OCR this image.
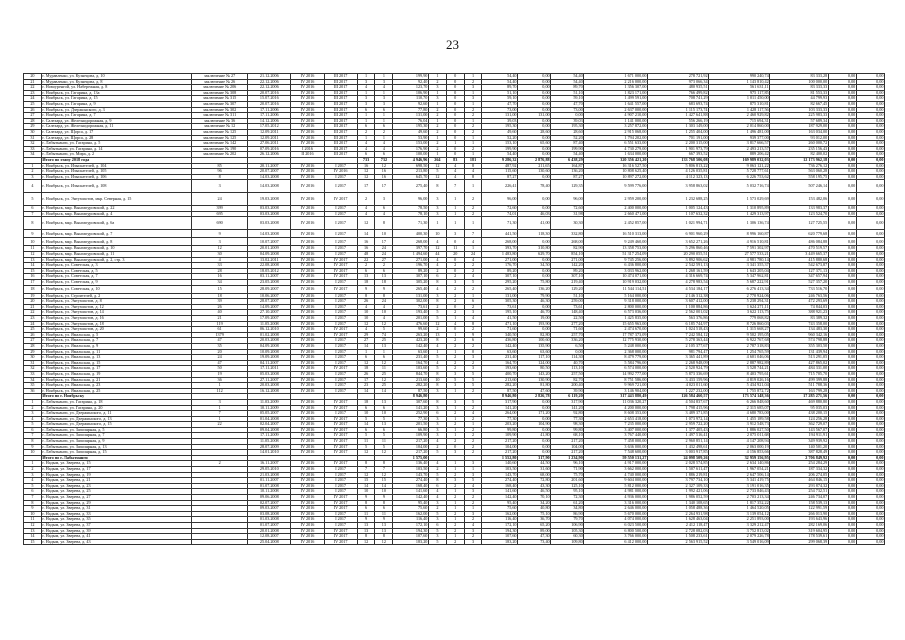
23
20	г. Муравленко, ул. Кузнецова, д. 10	заключение № 27	21.12.2006	IV 2016	III 2017	1	1	199,90	1	0	1	54,40	0,00	54,40	1 671 000,00	278 721,92	990 240,74	83 333,28	0,00	0,00
21	г. Муравленко, ул. Кузнецова, д. 8	заключение № 26	22.12.2006	IV 2016	III 2017	3	3	92,40	2	0	2	54,40	0,00	54,40	2 216 000,00	973 066,34	1 143 810,42	100 000,00	0,00	0,00
22	г. Новоуренгой, ул. Набережная, д. 8	заключение № 206	22.12.2006	IV 2016	III 2017	4	4	123,70	3	0	3	89,70	0,00	89,70	1 356 307,00	480 935,51	561 631,11	83 333,33	0,00	0,00
23	г. Ноябрьск, ул. Гагарина, д. 13а	заключение № 308	20.07.2016	IV 2016	III 2017	1	1	106,90	1	0	1	51,10	0,00	51,10	1 823 171,00	766 499,82	975 117,85	81 553,33	0,00	0,00
24	г. Ноябрьск, ул. Гагарина, д. 15	заключение № 315	15.07.2016	IV 2016	III 2017	3	3	110,70	3	0	3	59,10	0,00	59,10	1 499 591,00	708 741,29	1 011 450,00	44 799,93	0,00	0,00
25	г. Ноябрьск, ул. Гагарина, д. 9	заключение № 307	20.07.2016	IV 2016	III 2017	3	3	92,60	1	0	1	47,70	0,00	47,70	1 641 557,00	683 693,74	875 310,81	82 667,45	0,00	0,00
26	г. Ноябрьск, ул. Дзержинского, д. 3	заключение № 302	17.11.2006	IV 2016	III 2017	6	6	77,80	2	0	2	73,00	0,00	73,00	2 637 000,00	1 115 173,74	1 428 117,56	103 333,33	0,00	0,00
27	г. Ноябрьск, ул. Гагарина, д. 7	заключение № 311	17.11.2006	IV 2016	III 2017	1	1	131,00	2	0	2	131,00	131,00	0,00	4 907 210,00	1 427 641,88	2 460 929,82	225 983,33	0,00	0,00
28	г. Салехард, ул. Железнодорожная, д. 9	заключение № 36	14.12.2006	IV 2016	III 2017	1	1	76,04	1	0	1	39,03	0,00	39,03	1 141 000,00	556 266,19	715 694,31	57 689,34	0,00	0,00
29	г. Салехард, ул. Железнодорожная, д. 11	заключение № 12	17.05.2012	IV 2016	III 2017	6	6	195,30	2	0	2	195,30	0,00	195,30	3 257 872,00	1 303 149,00	2 014 860,00	187 929,00	0,00	0,00
30	г. Салехард, ул. Щорса, д. 17	заключение № 125	12.09.2011	IV 2016	III 2017	2	2	49,60	2	0	2	49,60	28,60	28,60	2 915 068,00	1 255 404,00	1 496 481,00	163 034,00	0,00	0,00
31	г. Салехард, ул. Щорса, д. 28	заключение № 125	12.09.2011	IV 2016	III 2017	1	1	53,90	1	0	1	52,20	0,00	52,20	1 794 202,00	701 191,00	939 377,00	93 012,00	0,00	0,00
32	г. Лабытнанги, ул. Гагарина, д. 5	заключение № 142	27.06.2011	IV 2016	III 2017	4	4	153,00	2	1	1	153,10	65,60	87,40	6 551 633,00	2 200 315,00	3 817 666,57	260 000,72	0,00	0,00
33	г. Лабытнанги, ул. Гагарина, д. 14	заключение № 190	07.09.2016	I 2016	III 2017	4	4	176,90	2	0	2	199,90	0,00	199,90	4 730 279,00	1 901 973,79	2 493 213,57	235 156,43	0,00	0,00
34	г. Лабытнанги, ул. Мира, д. 2	заключение № 202	26.12.2006	II 2016	III 2017	6	6	100,00	1	0	1	54,40	0,00	54,40	1 634 000,00	667 393,52	889 206,42	82 400,02	0,00	0,00
	Итого по этапу 2018 года					733	732	4 946,96	264	83	181	9 286,32	2 876,88	6 438,29	320 356 421,20	133 768 506,08	169 989 032,03	12 173 962,18	0,00	0,00
1	г. Ноябрьск, ул. Изыскателей, д. 104	85	20.11.2007	IV 2016	I 2017	16	12	698,50	12	4	8	487,92	211,65	164,87	16 316 527,50	5 806 813,22	9 063 121,22	736 276,12	0,00	0,00
2	г. Ноябрьск, ул. Изыскателей, д. 105	96	20.07.2007	IV 2016	IV 2016	12	16	213,80	5	4	4	115,60	130,60	136,20	10 808 625,40	4 126 035,81	5 728 777,61	563 060,28	0,00	0,00
3	г. Ноябрьск, ул. Изыскателей, д. 106	8	14.03.2008	IV 2016	I 2017	12	16	645,70	12	4	8	87,27	0,00	87,27	10 897 272,00	4 112 323,13	6 226 753,62	558 195,75	0,00	0,00
4	г. Ноябрьск, ул. Изыскателей, д. 108	3	14.03.2008	IV 2016	I 2017	17	17	275,40	8	7	1	226,41	78,40	129,35	9 599 776,00	3 958 863,02	5 032 716,74	507 246,14	0,00	0,00
5	г. Ноябрьск, ул. Энтузиастов, мкр. Северная, д. 15	24	19.03.2008	IV 2016	IV 2017	2	3	96,00	3	1	2	96,00	0,00	96,00	2 959 200,00	1 232 688,25	1 573 029,69	153 482,06	0,00	0,00
6	г. Ноябрьск, мкр. Вынгапуровский, д. 22	399	03.03.2008	IV 2016	I 2017	4	6	78,50	3	1	2	72,60	0,00	72,60	2 400 000,00	1 005 124,43	1 310 895,89	133 983,37	0,00	0,00
7	г. Ноябрьск, мкр. Вынгапуровский, д. 4	695	03.03.2008	IV 2016	I 2017	4	4	78,10	3	1	2	74,01	46,03	31,98	2 660 471,00	1 107 632,32	1 429 313,97	123 524,70	0,00	0,00
8	г. Ноябрьск, мкр. Вынгапуровский, д. 6а	690	03.03.2008	IV 2016	I 2017	12	8	71,30	1	1	1	71,30	41,00	30,30	2 452 857,00	1 021 994,71	1 306 136,74	127 725,55	0,00	0,00
9	г. Ноябрьск, мкр. Вынгапуровский, д. 7	9	14.03.2008	IV 2016	I 2017	14	10	400,30	10	3	7	441,50	118,30	332,80	16 510 313,00	6 901 960,29	8 996 160,87	620 779,68	0,00	0,00
10	г. Ноябрьск, мкр. Вынгапуровский, д. 8	3	10.07.2007	IV 2016	I 2017	16	17	268,00	4	0	4	268,00	0,00	268,00	9 249 460,00	3 652 271,26	4 916 510,81	486 084,88	0,00	0,00
11	г. Ноябрьск, мкр. Вынгапуровский, д. 10	12	20.01.2009	IV 2016	I 2017	16	24	397,70	12	11	1	393,70	310,80	82,90	13 358 753,00	5 296 860,46	7 591 302,97	470 519,57	0,00	0,00
12	г. Ноябрьск, мкр. Вынгапуровский, д. 11	30	04.09.2008	IV 2016	I 2017	48	24	1 494,60	44	20	24	1 483,80	629,70	854,10	51 317 254,09	20 290 055,51	27 577 533,21	3 449 665,37	0,00	0,00
13	г. Ноябрьск, мкр. Вынгапуровский, д. 2, стр. 3	4	13.02.2011	IV 2016	IV 2017	22	27	271,00	4	0	4	271,00	0,00	271,00	9 745 256,00	3 892 906,62	4 981 780,14	415 880,68	0,00	0,00
14	г. Ноябрьск, ул. Советская, д. 3	33	22.08.2008	IV 2016	IV 2017	2	2	196,70	4	2	2	176,70	34,50	142,20	6 436 800,00	2 542 591,13	3 341 355,37	542 673,87	0,00	0,00
15	г. Ноябрьск, ул. Советская, д. 5	28	18.05.2012	IV 2016	IV 2017	6	6	89,20	2	0	2	89,20	0,00	89,20	3 033 962,00	1 268 161,59	1 643 205,04	127 371,13	0,00	0,00
16	г. Ноябрьск, ул. Советская, д. 7	16	03.11.2007	IV 2016	IV 2017	13	13	307,10	6	2	4	307,10	0,00	307,10	10 474 071,00	4 316 669,74	5 347 962,81	347 657,94	0,00	0,00
17	г. Ноябрьск, ул. Советская, д. 9	34	23.05.2008	IV 2016	I 2017	18	18	305,20	8	3	5	295,20	75,80	219,40	10 919 032,00	4 278 983,54	5 687 222,91	527 357,20	0,00	0,00
18	г. Ноябрьск, ул. Советская, д. 10	15	28.09.2007	IV 2016	IV 2017	9	9	265,40	4	2	2	265,40	136,20	129,20	11 544 114,51	4 534 184,17	6 276 413,34	733 516,70	0,00	0,00
19	г. Ноябрьск, ул. Строителей, д. 2	18	10.06.2007	IV 2016	I 2017	8	8	131,00	3	2	1	131,00	79,90	51,10	5 164 000,00	2 146 312,38	2 770 924,06	246 763,56	0,00	0,00
20	г. Ноябрьск, ул. Энтузиастов, д. 8	39	28.07.2007	IV 2016	I 2017	26	24	302,00	8	2	6	305,30	46,30	259,00	9 318 000,00	3 607 412,00	5 238 294,31	472 293,69	0,00	0,00
21	г. Ноябрьск, ул. Энтузиастов, д. 12	26	14.09.2007	IV 2016	I 2017	4	4	73,61	2	0	2	73,61	0,00	73,61	2 800 000,00	1 100 884,86	1 624 271,11	74 844,03	0,00	0,00
22	г. Ноябрьск, ул. Энтузиастов, д. 14	40	27.10.2007	IV 2016	I 2017	10	10	193,40	5	2	3	195,10	46,70	148,40	6 573 036,00	2 562 001,02	3 622 113,75	388 921,23	0,00	0,00
23	г. Ноябрьск, ул. Энтузиастов, д. 16	21	17.09.2007	IV 2016	I 2017	10	4	201,00	5	1	4	41,50	19,00	22,50	1 425 835,00	563 376,86	779 068,82	83 389,32	0,00	0,00
24	г. Ноябрьск, ул. Энтузиастов, д. 18	119	11.05.2008	IV 2016	I 2017	12	12	476,60	12	4	8	471,10	193,90	277,20	15 655 963,00	6 185 744,97	8 726 860,03	743 358,00	0,00	0,00
25	г. Ноябрьск, ул. Энтузиастов, д. 20	61	06.12.2010	IV 2016	IV 2017	4	5	99,60	2	0	2	71,60	0,00	71,60	2 474 670,00	1 024 518,43	1 315 668,27	134 483,30	0,00	0,00
26	г. Ноябрьск, ул. Ямальская, д. 5	1379	01.02.2008	IV 2016	IV 2017	29	74	263,20	13	1	9	340,50	82,80	257,70	17 787 373,09	7 242 584,12	9 502 195,05	960 342,16	0,00	0,00
27	г. Ноябрьск, ул. Ямальская, д. 7	47	20.03.2008	IV 2016	I 2017	27	25	423,20	8	2	6	436,80	100,60	336,20	12 775 930,00	5 278 363,44	6 922 767,68	574 798,88	0,00	0,00
28	г. Ноябрьск, ул. Ямальская, д. 9	35	04.09.2008	IV 2016	I 2017	14	13	142,40	4	2	2	142,40	135,90	6,50	5 248 000,00	2 105 377,67	2 787 318,83	355 303,50	0,00	0,00
29	г. Ноябрьск, ул. Ямальская, д. 11	20	10.09.2008	IV 2016	I 2017	1	1	63,60	1	1	0	63,60	63,60	0,00	2 368 000,00	981 794,47	1 254 765,59	131 439,94	0,00	0,00
30	г. Ноябрьск, ул. Ямальская, д. 13	24	19.09.2008	IV 2016	I 2017	6	6	231,40	5	2	3	231,40	117,10	114,30	8 479 779,00	3 365 441,89	4 601 046,06	513 291,05	0,00	0,00
31	г. Ноябрьск, ул. Ямальская, д. 15	47	04.11.2007	IV 2016	I 2017	12	12	164,70	4	2	2	164,70	124,00	40,70	5 584 796,00	2 268 948,09	2 887 982,89	427 865,02	0,00	0,00
32	г. Ноябрьск, ул. Ямальская, д. 17	50	17.11.2011	IV 2016	IV 2017	18	11	103,60	5	2	3	193,60	80,50	113,10	6 574 000,00	2 520 924,79	3 528 744,21	484 331,00	0,00	0,00
33	г. Ноябрьск, ул. Ямальская, д. 19	19	05.03.2008	IV 2016	I 2017	26	25	844,70	8	3	5	400,70	143,20	257,50	14 992 777,00	5 873 336,69	8 403 795,61	715 705,70	0,00	0,00
34	г. Ноябрьск, ул. Ямальская, д. 21	36	27.11.2007	IV 2016	I 2017	17	12	213,60	10	5	5	213,60	130,90	82,70	8 751 586,00	3 433 159,96	4 819 026,16	499 399,88	0,00	0,00
35	г. Ноябрьск, ул. Ямальская, д. 23	1	20.03.2008	IV 2016	I 2017	23	25	282,20	8	3	5	282,20	81,80	200,40	9 969 721,00	4 023 011,60	5 434 921,04	511 788,36	0,00	0,00
36	г. Ноябрьск, ул. Ямальская, д. 25	112	16.12.2008	IV 2016	I 2017	14	14	87,50	3	1	2	87,50	47,60	39,90	3 146 904,00	1 227 232,00	1 755 872,72	163 799,28	0,00	0,00
	Итого по г. Ноябрьску							8 946,80				8 946,80	2 826,78	6 119,20	317 443 880,49	126 584 460,57	173 574 148,36	17 285 271,56	0,00	0,00
1	г. Лабытнанги, ул. Гагарина, д. 18	3	11.03.2009	IV 2016	IV 2017	18	13	307,60	8	3	5	317,90	0,00	317,90	11 036 320,27	4 504 837,67	6 266 848,60	469 880,80	0,00	0,00
2	г. Лабытнанги, ул. Гагарина, д. 20	1	10.11.2009	IV 2016	IV 2017	6	6	141,20	3	1	2	141,20	0,00	141,20	4 200 000,00	1 798 415,96	2 315 685,07	95 035,03	0,00	0,00
3	г. Лабытнанги, ул. Дзержинского, д. 11	7	05.05.2007	IV 2016	I 2017	10	10	252,90	6	2	4	264,00	171,20	92,80	8 608 353,00	3 489 371,85	4 680 783,00	438 200,15	0,00	0,00
4	г. Лабытнанги, ул. Дзержинского, д. 13	1	01.04.2008	IV 2016	IV 2017	5	5	77,30	3	1	2	77,30	0,00	77,30	2 653 418,00	1 073 972,14	1 455 189,58	124 256,28	0,00	0,00
5	г. Лабытнанги, ул. Дзержинского, д. 15	22	02.04.2007	IV 2016	IV 2017	14	13	201,50	3	2	1	203,20	104,90	98,30	7 235 000,00	2 959 722,20	3 912 548,73	362 729,07	0,00	0,00
6	г. Лабытнанги, ул. Заполярная, д. 5		09.04.2008	IV 2016	IV 2017	6	6	66,80	3	1	2	99,80	0,00	99,80	3 407 000,00	1 377 405,43	1 886 027,50	143 567,07	0,00	0,00
7	г. Лабытнанги, ул. Заполярная, д. 7		17.11.2009	IV 2016	IV 2017	5	5	109,90	3	1	2	109,90	41,80	68,10	3 767 440,00	1 497 516,41	2 075 011,68	194 911,91	0,00	0,00
8	г. Лабытнанги, ул. Заполярная, д. 9		11.05.2008	IV 2016	IV 2017	11	11	217,20	4	2	2	217,20	0,00	217,20	7 458 000,00	2 960 851,14	4 147 208,94	349 939,92	0,00	0,00
9	г. Лабытнанги, ул. Заполярная, д. 13		28.07.2009	IV 2016	IV 2017	5	5	104,00	2	0	2	104,00	0,00	104,00	3 636 000,00	1 432 498,61	2 063 000,19	140 501,20	0,00	0,00
10	г. Лабытнанги, ул. Заполярная, д. 15		14.01.2010	IV 2016	IV 2017	12	12	217,20	5	3	2	217,20	0,00	217,20	7 548 600,00	3 003 917,85	4 156 853,66	387 828,49	0,00	0,00
	Итого по г. Лабытнанги							1 575,00				1 552,80	317,90	1 234,90	59 550 131,27	24 098 509,26	32 959 156,95	2 706 849,92	0,00	0,00
1	г. Надым, ул. Зверева, д. 15	2	16.11.2007	IV 2016	IV 2017	8	8	136,40	4	1	3	140,60	44,50	96,10	4 917 000,00	2 028 574,85	2 634 140,86	254 284,29	0,00	0,00
2	г. Надым, ул. Зверева, д. 17		29.05.2010	IV 2016	I 2017	7	7	103,50	2	1	1	103,50	31,60	71,90	3 662 000,00	1 507 611,47	1 967 054,21	187 334,32	0,00	0,00
3	г. Надым, ул. Зверева, д. 19		21.03.2008	IV 2016	I 2017	12	12	143,70	5	2	3	143,70	68,00	75,70	4 740 000,00	1 886 219,81	2 647 506,14	206 274,05	0,00	0,00
4	г. Надым, ул. Зверева, д. 21		01.11.2007	IV 2016	I 2017	15	15	274,40	8	3	5	274,40	72,80	201,60	9 604 000,00	3 797 734,10	5 341 419,75	464 846,15	0,00	0,00
5	г. Надым, ул. Зверева, д. 23		01.07.2008	IV 2016	I 2017	14	14	168,40	6	2	4	168,40	43,30	125,10	5 812 000,00	2 327 109,33	3 191 016,35	293 874,32	0,00	0,00
6	г. Надым, ул. Зверева, д. 25		10.11.2008	IV 2016	I 2017	10	10	141,60	4	1	3	141,60	46,50	95,10	4 981 000,00	1 992 421,06	2 733 846,43	254 732,51	0,00	0,00
7	г. Надым, ул. Зверева, д. 27		09.06.2008	IV 2016	IV 2017	9	9	142,40	4	2	2	142,40	70,10	72,30	4 936 000,00	1 986 052,59	2 703 213,34	246 734,07	0,00	0,00
8	г. Надым, ул. Зверева, д. 29		02.07.2007	IV 2016	IV 2017	8	8	95,40	3	1	2	95,40	34,20	61,20	3 316 000,00	1 340 108,65	1 817 352,22	158 539,13	0,00	0,00
9	г. Надым, ул. Зверева, д. 31		09.03.2007	IV 2016	IV 2017	6	6	75,60	2	1	1	75,60	40,80	34,80	2 646 000,00	1 058 488,36	1 464 520,05	122 991,59	0,00	0,00
10	г. Надым, ул. Зверева, д. 33		03.08.2008	IV 2016	I 2017	11	11	162,00	5	2	3	162,00	75,10	86,90	5 670 000,00	2 264 931,98	3 139 054,12	266 013,90	0,00	0,00
11	г. Надым, ул. Зверева, д. 35		01.03.2008	IV 2016	I 2017	9	9	116,40	3	1	2	116,40	36,70	79,70	4 074 000,00	1 628 463,04	2 251 893,00	193 643,96	0,00	0,00
12	г. Надым, ул. Зверева, д. 37		01.07.2007	IV 2016	I 2017	13	13	172,10	6	2	4	172,10	65,20	106,90	6 023 500,00	2 412 118,47	3 329 212,47	282 169,06	0,00	0,00
13	г. Надым, ул. Зверева, д. 39		20.01.2008	IV 2016	IV 2017	13	13	194,30	5	2	3	194,30	89,00	105,30	6 800 500,00	2 728 082,03	3 752 813,02	319 604,95	0,00	0,00
14	г. Надым, ул. Зверева, д. 41		12.08.2007	IV 2016	IV 2017	8	8	107,60	3	1	2	107,60	47,30	60,30	3 766 000,00	1 508 233,61	2 079 226,78	178 539,61	0,00	0,00
15	г. Надым, ул. Зверева, д. 43		25.04.2008	IV 2016	IV 2017	12	12	183,20	5	2	3	183,20	73,40	109,80	6 412 000,00	2 563 915,52	3 549 016,09	299 068,39	0,00	0,00
